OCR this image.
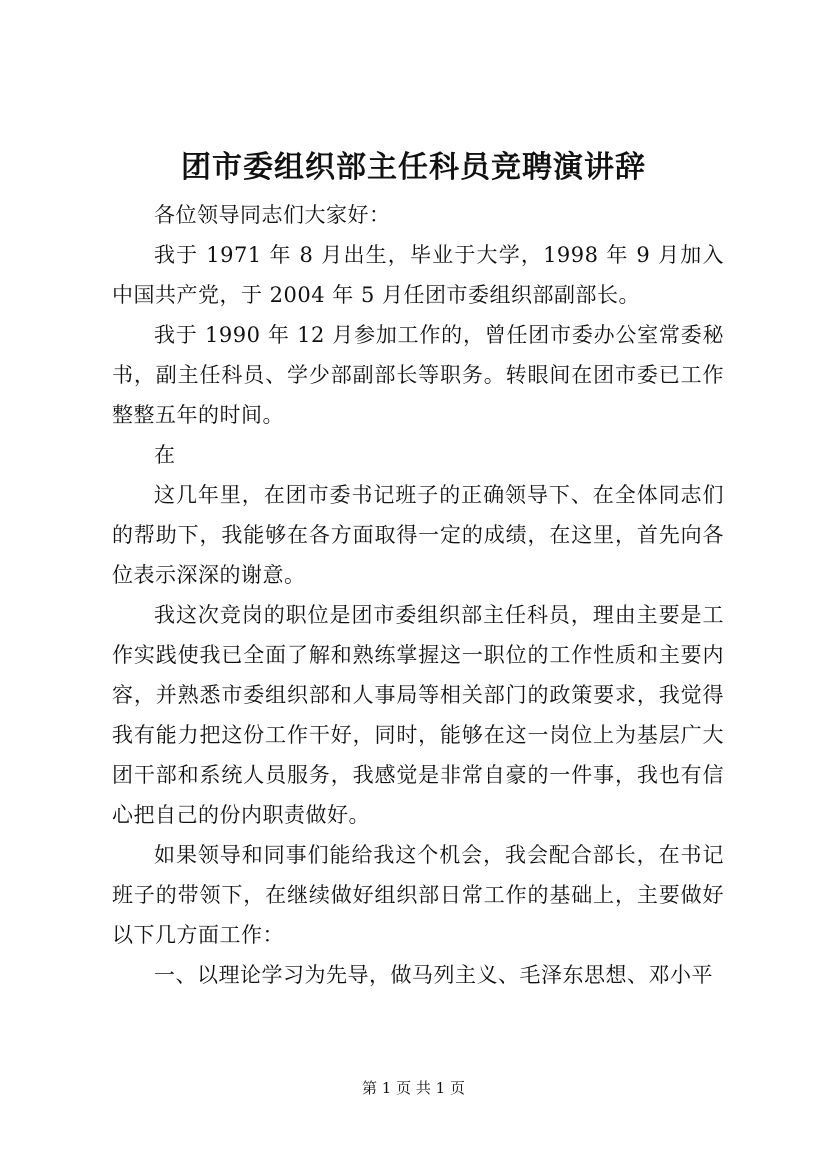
团市委组织部主任科员竞聘演讲辞

各位领导同志们大家好：

我于 1971 年 8 月出生，毕业于大学，1998 年 9 月加入中国共产党，于 2004 年 5 月任团市委组织部副部长。

我于 1990 年 12 月参加工作的，曾任团市委办公室常委秘书，副主任科员、学少部副部长等职务。转眼间在团市委已工作整整五年的时间。

在

这几年里，在团市委书记班子的正确领导下、在全体同志们的帮助下，我能够在各方面取得一定的成绩，在这里，首先向各位表示深深的谢意。

我这次竞岗的职位是团市委组织部主任科员，理由主要是工作实践使我已全面了解和熟练掌握这一职位的工作性质和主要内容，并熟悉市委组织部和人事局等相关部门的政策要求，我觉得我有能力把这份工作干好，同时，能够在这一岗位上为基层广大团干部和系统人员服务，我感觉是非常自豪的一件事，我也有信心把自己的份内职责做好。

如果领导和同事们能给我这个机会，我会配合部长，在书记班子的带领下，在继续做好组织部日常工作的基础上，主要做好以下几方面工作：

一、以理论学习为先导，做马列主义、毛泽东思想、邓小平

第 1 页 共 1 页
